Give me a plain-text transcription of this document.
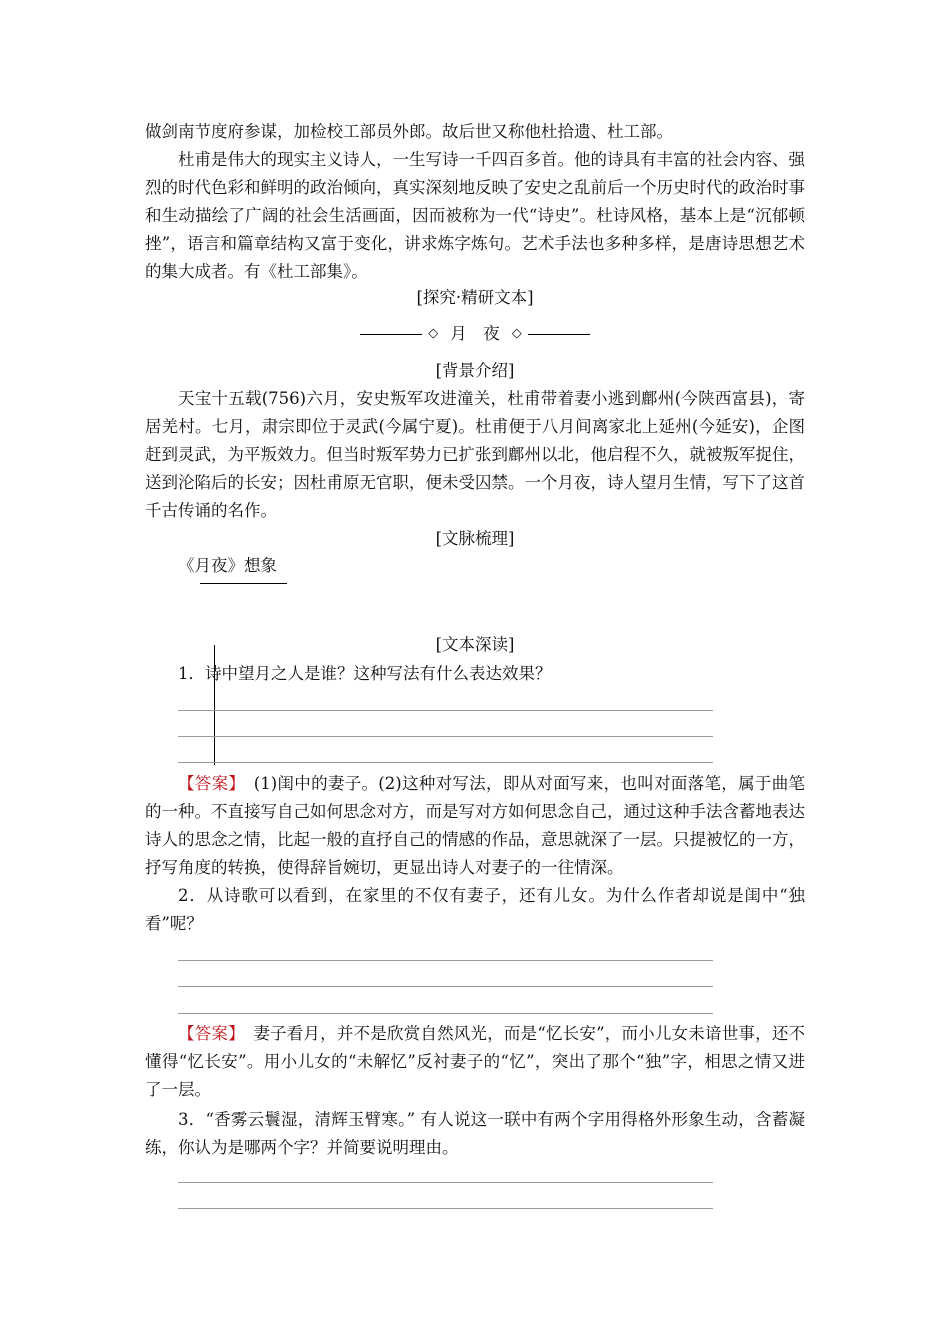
做剑南节度府参谋，加检校工部员外郎。故后世又称他杜拾遗、杜工部。
杜甫是伟大的现实主义诗人，一生写诗一千四百多首。他的诗具有丰富的社会内容、强烈的时代色彩和鲜明的政治倾向，真实深刻地反映了安史之乱前后一个历史时代的政治时事和生动描绘了广阔的社会生活画面，因而被称为一代“诗史”。杜诗风格，基本上是“沉郁顿挫”，语言和篇章结构又富于变化，讲求炼字炼句。艺术手法也多种多样，是唐诗思想艺术的集大成者。有《杜工部集》。
[探究·精研文本]
◇ 月　夜 ◇
[背景介绍]
天宝十五载(756)六月，安史叛军攻进潼关，杜甫带着妻小逃到鄜州(今陕西富县)，寄居羌村。七月，肃宗即位于灵武(今属宁夏)。杜甫便于八月间离家北上延州(今延安)，企图赶到灵武，为平叛效力。但当时叛军势力已扩张到鄜州以北，他启程不久，就被叛军捉住，送到沦陷后的长安；因杜甫原无官职，便未受囚禁。一个月夜，诗人望月生情，写下了这首千古传诵的名作。
[文脉梳理]
《月夜》想象
[文本深读]
1．诗中望月之人是谁？这种写法有什么表达效果？
【答案】　 (1)闺中的妻子。(2)这种对写法，即从对面写来，也叫对面落笔，属于曲笔的一种。不直接写自己如何思念对方，而是写对方如何思念自己，通过这种手法含蓄地表达诗人的思念之情，比起一般的直抒自己的情感的作品，意思就深了一层。只提被忆的一方，抒写角度的转换，使得辞旨婉切，更显出诗人对妻子的一往情深。
2．从诗歌可以看到，在家里的不仅有妻子，还有儿女。为什么作者却说是闺中“独看”呢？
【答案】　 妻子看月，并不是欣赏自然风光，而是“忆长安”，而小儿女未谙世事，还不懂得“忆长安”。用小儿女的“未解忆”反衬妻子的“忆”，突出了那个“独”字，相思之情又进了一层。
3．“香雾云鬟湿，清辉玉臂寒。” 有人说这一联中有两个字用得格外形象生动，含蓄凝练，你认为是哪两个字？并简要说明理由。
